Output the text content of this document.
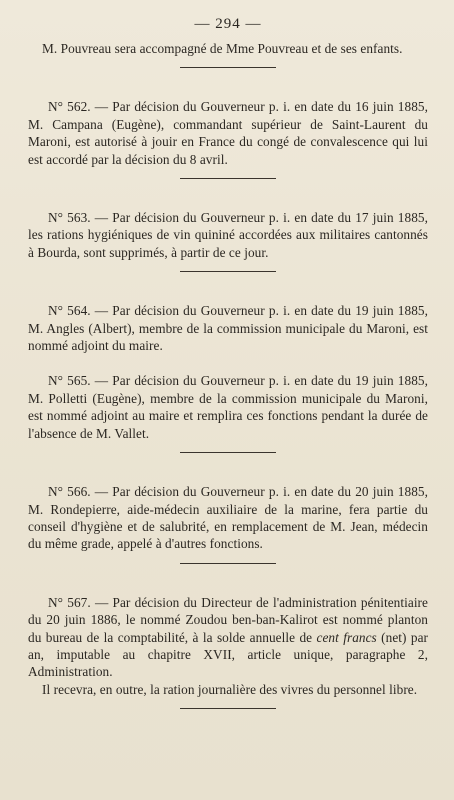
— 294 —

M. Pouvreau sera accompagné de Mme Pouvreau et de ses enfants.

N° 562. — Par décision du Gouverneur p. i. en date du 16 juin 1885, M. Campana (Eugène), commandant supérieur de Saint-Laurent du Maroni, est autorisé à jouir en France du congé de convalescence qui lui est accordé par la décision du 8 avril.

N° 563. — Par décision du Gouverneur p. i. en date du 17 juin 1885, les rations hygiéniques de vin quininé accordées aux militaires cantonnés à Bourda, sont supprimés, à partir de ce jour.

N° 564. — Par décision du Gouverneur p. i. en date du 19 juin 1885, M. Angles (Albert), membre de la commission municipale du Maroni, est nommé adjoint du maire.

N° 565. — Par décision du Gouverneur p. i. en date du 19 juin 1885, M. Polletti (Eugène), membre de la commission municipale du Maroni, est nommé adjoint au maire et remplira ces fonctions pendant la durée de l'absence de M. Vallet.

N° 566. — Par décision du Gouverneur p. i. en date du 20 juin 1885, M. Rondepierre, aide-médecin auxiliaire de la marine, fera partie du conseil d'hygiène et de salubrité, en remplacement de M. Jean, médecin du même grade, appelé à d'autres fonctions.

N° 567. — Par décision du Directeur de l'administration pénitentiaire du 20 juin 1886, le nommé Zoudou ben-ban-Kalirot est nommé planton du bureau de la comptabilité, à la solde annuelle de cent francs (net) par an, imputable au chapitre XVII, article unique, paragraphe 2, Administration.

Il recevra, en outre, la ration journalière des vivres du personnel libre.
